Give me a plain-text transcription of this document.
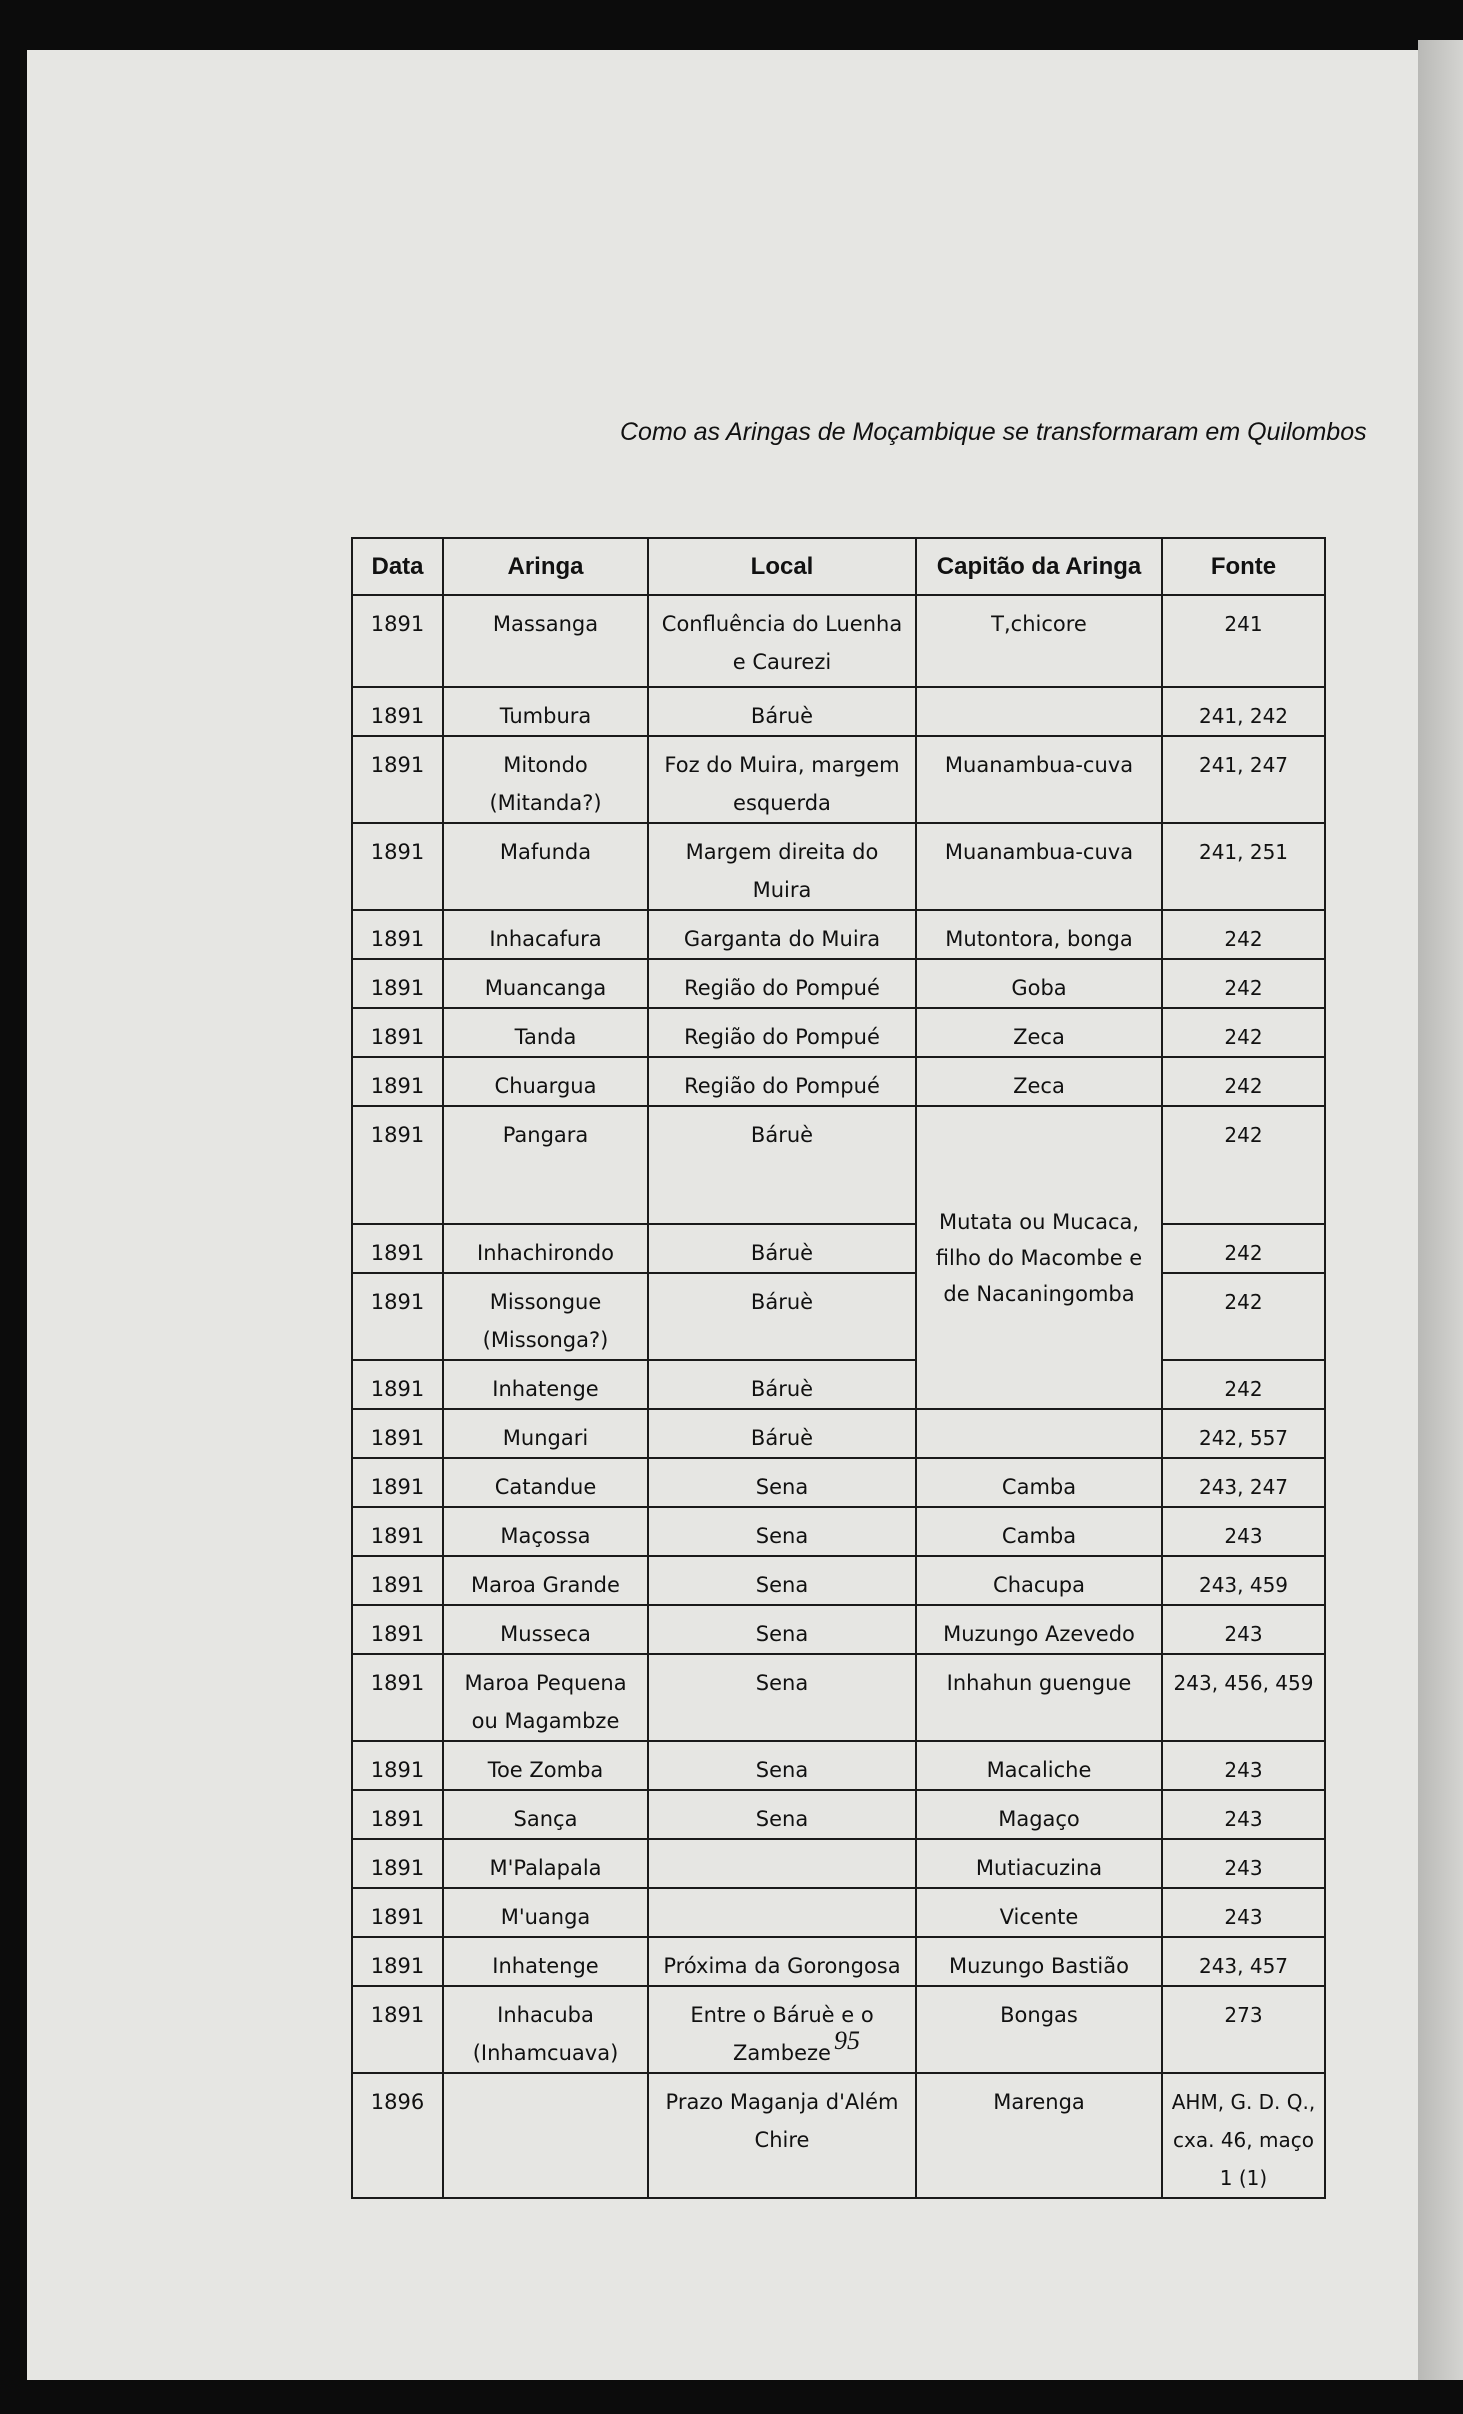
Como as Aringas de Moçambique se transformaram em Quilombos
Data	Aringa	Local	Capitão da Aringa	Fonte
1891	Massanga	Confluência do Luenha e Caurezi	T,chicore	241
1891	Tumbura	Báruè		241, 242
1891	Mitondo (Mitanda?)	Foz do Muira, margem esquerda	Muanambua-cuva	241, 247
1891	Mafunda	Margem direita do Muira	Muanambua-cuva	241, 251
1891	Inhacafura	Garganta do Muira	Mutontora, bonga	242
1891	Muancanga	Região do Pompué	Goba	242
1891	Tanda	Região do Pompué	Zeca	242
1891	Chuargua	Região do Pompué	Zeca	242
1891	Pangara	Báruè	Mutata ou Mucaca, filho do Macombe e de Nacaningomba	242
1891	Inhachirondo	Báruè		242
1891	Missongue (Missonga?)	Báruè		242
1891	Inhatenge	Báruè		242
1891	Mungari	Báruè		242, 557
1891	Catandue	Sena	Camba	243, 247
1891	Maçossa	Sena	Camba	243
1891	Maroa Grande	Sena	Chacupa	243, 459
1891	Musseca	Sena	Muzungo Azevedo	243
1891	Maroa Pequena ou Magambze	Sena	Inhahun guengue	243, 456, 459
1891	Toe Zomba	Sena	Macaliche	243
1891	Sança	Sena	Magaço	243
1891	M'Palapala		Mutiacuzina	243
1891	M'uanga		Vicente	243
1891	Inhatenge	Próxima da Gorongosa	Muzungo Bastião	243, 457
1891	Inhacuba (Inhamcuava)	Entre o Báruè e o Zambeze	Bongas	273
1896		Prazo Maganja d'Além Chire	Marenga	AHM, G. D. Q., cxa. 46, maço 1 (1)
95
